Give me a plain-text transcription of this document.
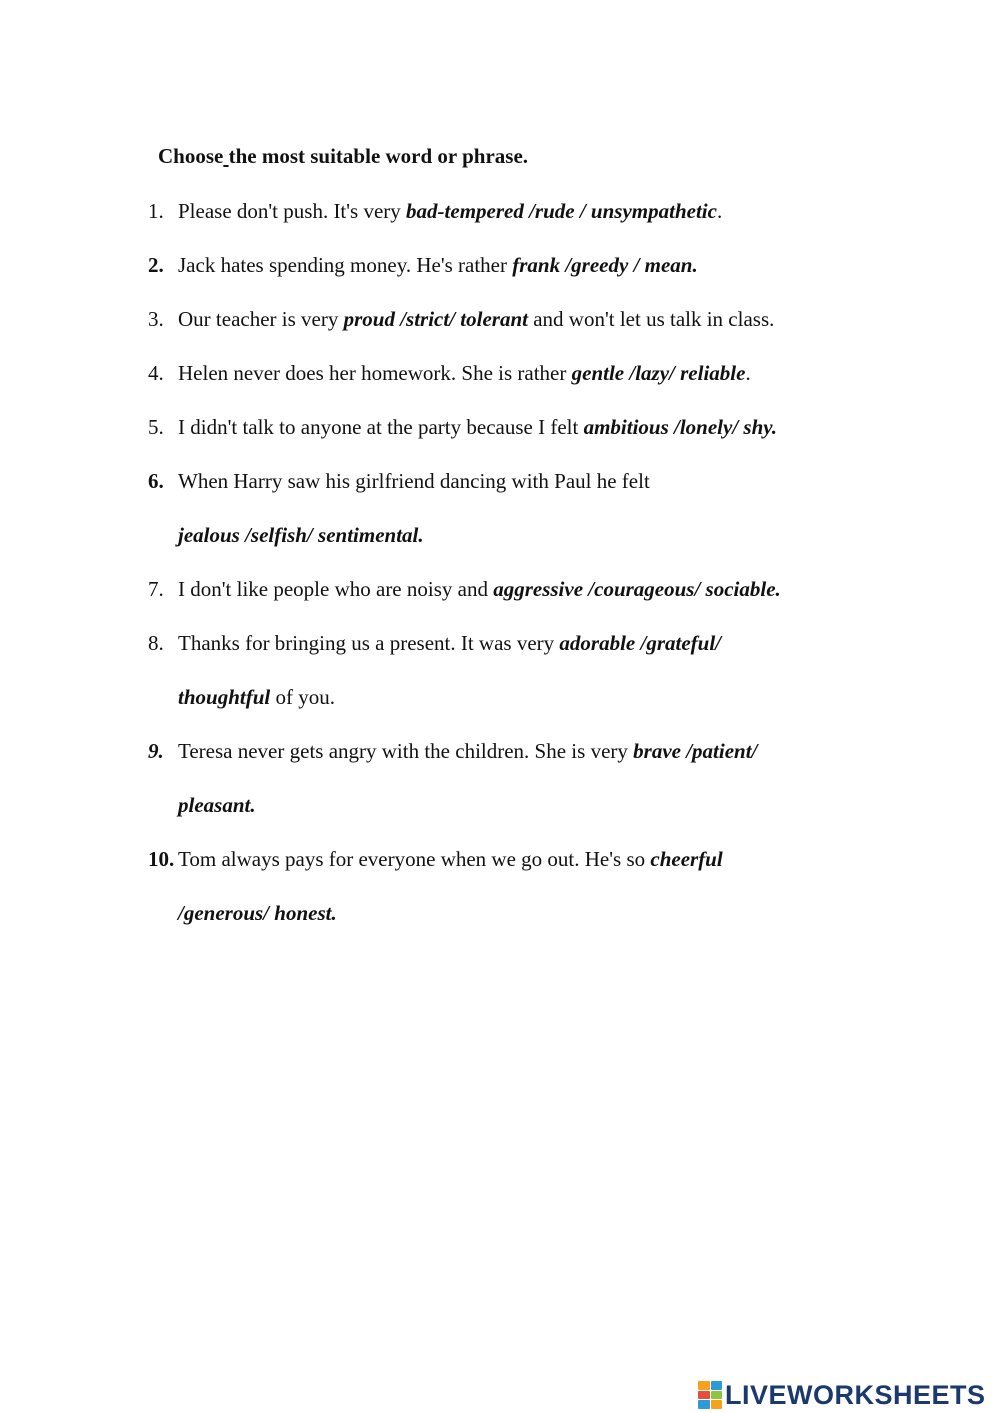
Choose the most suitable word or phrase.
1. Please don't push. It's very bad-tempered /rude / unsympathetic.
2. Jack hates spending money. He's rather frank /greedy / mean.
3. Our teacher is very proud /strict/ tolerant and won't let us talk in class.
4. Helen never does her homework. She is rather gentle /lazy/ reliable.
5. I didn't talk to anyone at the party because I felt ambitious /lonely/ shy.
6. When Harry saw his girlfriend dancing with Paul he felt
jealous /selfish/ sentimental.
7. I don't like people who are noisy and aggressive /courageous/ sociable.
8. Thanks for bringing us a present. It was very adorable /grateful/
thoughtful of you.
9. Teresa never gets angry with the children. She is very brave /patient/
pleasant.
10. Tom always pays for everyone when we go out. He's so cheerful
/generous/ honest.
LIVEWORKSHEETS
